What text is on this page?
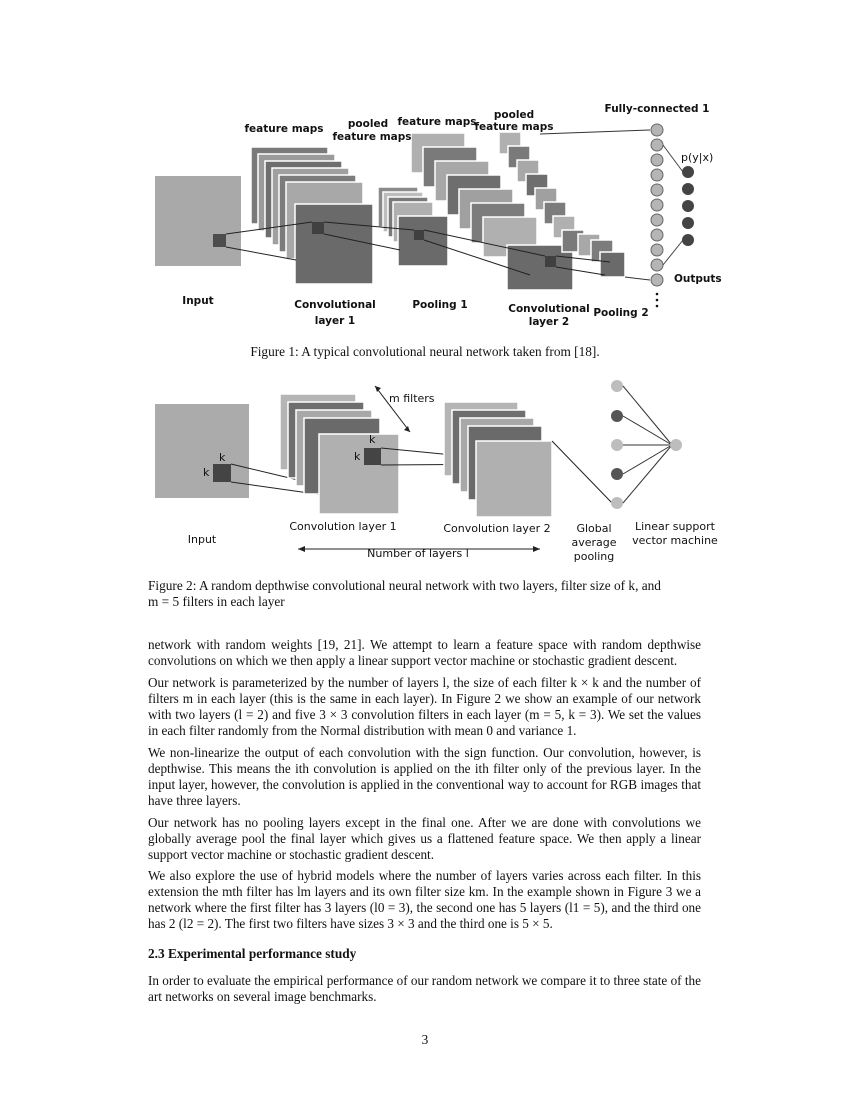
feature maps pooled
feature maps
feature maps
pooled
feature maps
Fully-connected 1
p(y|x)
Outputs
Input	Convolutional
layer 1
Pooling 1	Convolutional
layer 2
Pooling 2
Figure 1: A typical convolutional neural network taken from [18].
m filters
k
k
k
k
Input
Convolution layer 1	Convolution layer 2 Global
average
pooling
Linear support
vector machine
Number of layers l
Figure 2: A random depthwise convolutional neural network with two layers, filter size of k, and
m = 5 filters in each layer

network with random weights [19, 21]. We attempt to learn a feature space with random depthwise convolutions on which we then apply a linear support vector machine or stochastic gradient descent.

Our network is parameterized by the number of layers l, the size of each filter k × k and the number of filters m in each layer (this is the same in each layer). In Figure 2 we show an example of our network with two layers (l = 2) and five 3 × 3 convolution filters in each layer (m = 5, k = 3). We set the values in each filter randomly from the Normal distribution with mean 0 and variance 1.

We non-linearize the output of each convolution with the sign function. Our convolution, however, is depthwise. This means the ith convolution is applied on the ith filter only of the previous layer. In the input layer, however, the convolution is applied in the conventional way to account for RGB images that have three layers.

Our network has no pooling layers except in the final one. After we are done with convolutions we globally average pool the final layer which gives us a flattened feature space. We then apply a linear support vector machine or stochastic gradient descent.

We also explore the use of hybrid models where the number of layers varies across each filter. In this extension the mth filter has lm layers and its own filter size km. In the example shown in Figure 3 we a network where the first filter has 3 layers (l0 = 3), the second one has 5 layers (l1 = 5), and the third one has 2 (l2 = 2). The first two filters have sizes 3 × 3 and the third one is 5 × 5.

2.3 Experimental performance study

In order to evaluate the empirical performance of our random network we compare it to three state of the art networks on several image benchmarks.

3
